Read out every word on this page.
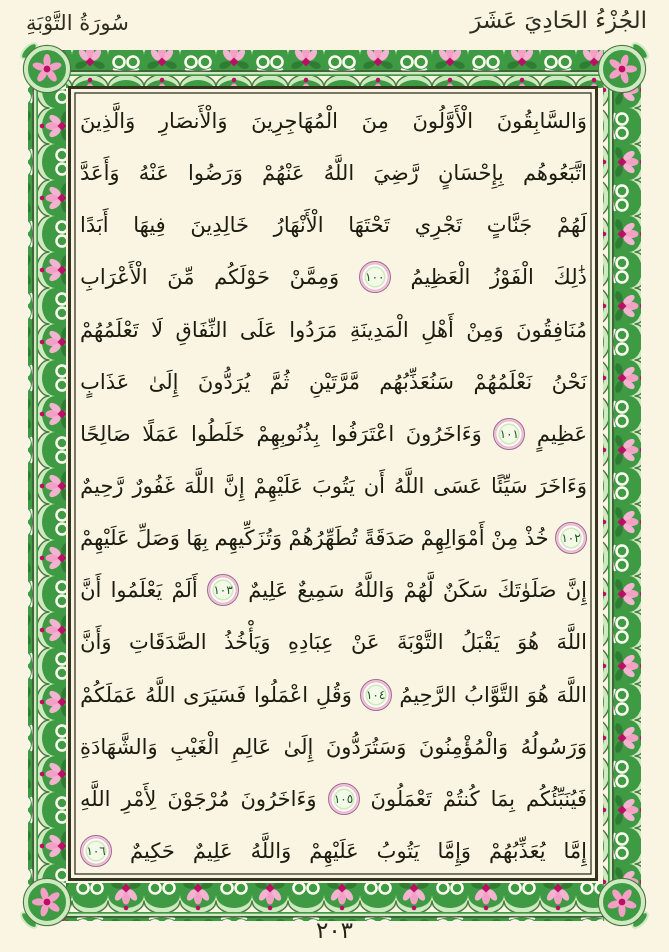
الجُزْءُ الحَادِيَ عَشَرَ
سُورَةُ التَّوْبَةِ
وَالسَّابِقُونَ
الْأَوَّلُونَ
مِنَ
الْمُهَاجِرِينَ
وَالْأَنصَارِ
وَالَّذِينَ
اتَّبَعُوهُم
بِإِحْسَانٍ
رَّضِيَ
اللَّهُ
عَنْهُمْ
وَرَضُوا
عَنْهُ
وَأَعَدَّ
لَهُمْ
جَنَّاتٍ
تَجْرِي
تَحْتَهَا
الْأَنْهَارُ
خَالِدِينَ
فِيهَا
أَبَدًا
ذَٰلِكَ
الْفَوْزُ
الْعَظِيمُ
١٠٠
وَمِمَّنْ
حَوْلَكُم
مِّنَ
الْأَعْرَابِ
مُنَافِقُونَ
وَمِنْ
أَهْلِ
الْمَدِينَةِ
مَرَدُوا
عَلَى
النِّفَاقِ
لَا
تَعْلَمُهُمْ
نَحْنُ
نَعْلَمُهُمْ
سَنُعَذِّبُهُم
مَّرَّتَيْنِ
ثُمَّ
يُرَدُّونَ
إِلَىٰ
عَذَابٍ
عَظِيمٍ
١٠١
وَءَاخَرُونَ
اعْتَرَفُوا
بِذُنُوبِهِمْ
خَلَطُوا
عَمَلًا
صَالِحًا
وَءَاخَرَ
سَيِّئًا
عَسَى
اللَّهُ
أَن
يَتُوبَ
عَلَيْهِمْ
إِنَّ
اللَّهَ
غَفُورٌ
رَّحِيمٌ
١٠٢
خُذْ
مِنْ
أَمْوَالِهِمْ
صَدَقَةً
تُطَهِّرُهُمْ
وَتُزَكِّيهِم
بِهَا
وَصَلِّ
عَلَيْهِمْ
إِنَّ
صَلَوٰتَكَ
سَكَنٌ
لَّهُمْ
وَاللَّهُ
سَمِيعٌ
عَلِيمٌ
١٠٣
أَلَمْ
يَعْلَمُوا
أَنَّ
اللَّهَ
هُوَ
يَقْبَلُ
التَّوْبَةَ
عَنْ
عِبَادِهِ
وَيَأْخُذُ
الصَّدَقَاتِ
وَأَنَّ
اللَّهَ
هُوَ
التَّوَّابُ
الرَّحِيمُ
١٠٤
وَقُلِ
اعْمَلُوا
فَسَيَرَى
اللَّهُ
عَمَلَكُمْ
وَرَسُولُهُ
وَالْمُؤْمِنُونَ
وَسَتُرَدُّونَ
إِلَىٰ
عَالِمِ
الْغَيْبِ
وَالشَّهَادَةِ
فَيُنَبِّئُكُم
بِمَا
كُنتُمْ
تَعْمَلُونَ
١٠٥
وَءَاخَرُونَ
مُرْجَوْنَ
لِأَمْرِ
اللَّهِ
إِمَّا
يُعَذِّبُهُمْ
وَإِمَّا
يَتُوبُ
عَلَيْهِمْ
وَاللَّهُ
عَلِيمٌ
حَكِيمٌ
١٠٦
٢٠٣
